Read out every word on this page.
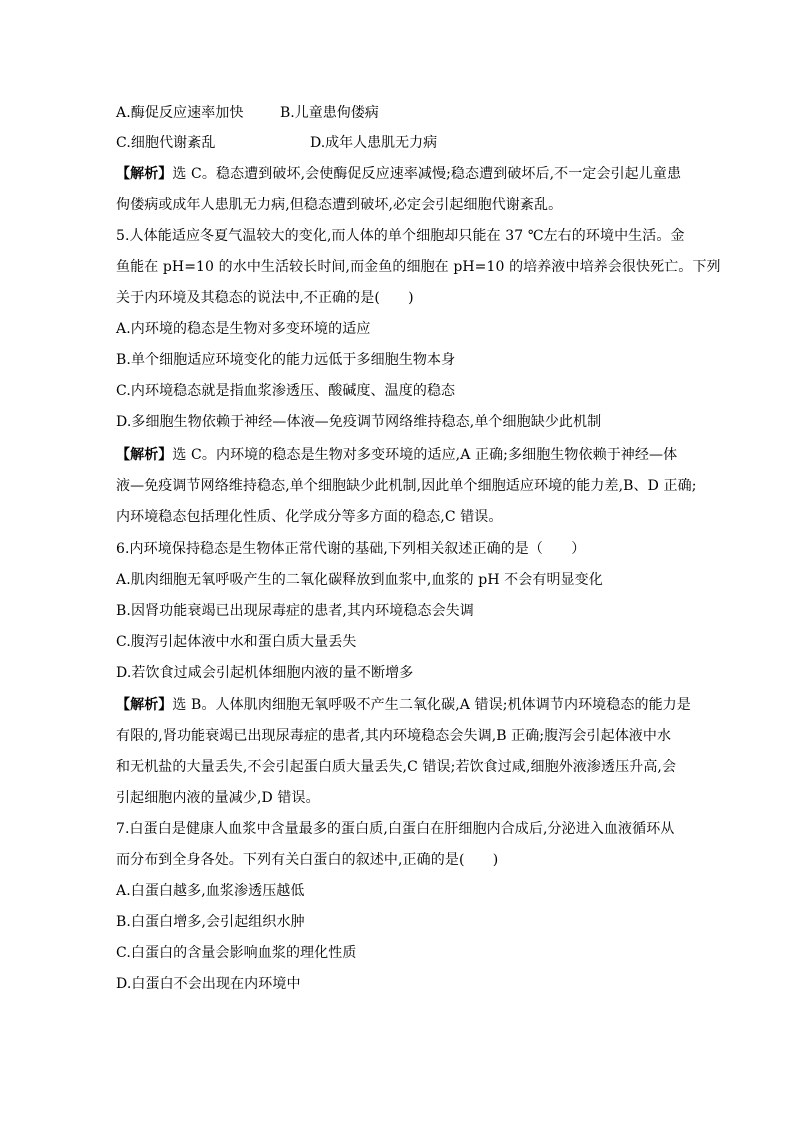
A.酶促反应速率加快	B.儿童患佝偻病
C.细胞代谢紊乱	D.成年人患肌无力病
【解析】选 C。稳态遭到破坏,会使酶促反应速率减慢;稳态遭到破坏后,不一定会引起儿童患
佝偻病或成年人患肌无力病,但稳态遭到破坏,必定会引起细胞代谢紊乱。
5.人体能适应冬夏气温较大的变化,而人体的单个细胞却只能在 37 ℃左右的环境中生活。金
鱼能在 pH=10 的水中生活较长时间,而金鱼的细胞在 pH=10 的培养液中培养会很快死亡。下列
关于内环境及其稳态的说法中,不正确的是(　　)
A.内环境的稳态是生物对多变环境的适应
B.单个细胞适应环境变化的能力远低于多细胞生物本身
C.内环境稳态就是指血浆渗透压、酸碱度、温度的稳态
D.多细胞生物依赖于神经—体液—免疫调节网络维持稳态,单个细胞缺少此机制
【解析】选 C。内环境的稳态是生物对多变环境的适应,A 正确;多细胞生物依赖于神经—体
液—免疫调节网络维持稳态,单个细胞缺少此机制,因此单个细胞适应环境的能力差,B、D 正确;
内环境稳态包括理化性质、化学成分等多方面的稳态,C 错误。
6.内环境保持稳态是生物体正常代谢的基础,下列相关叙述正确的是（　　）
A.肌肉细胞无氧呼吸产生的二氧化碳释放到血浆中,血浆的 pH 不会有明显变化
B.因肾功能衰竭已出现尿毒症的患者,其内环境稳态会失调
C.腹泻引起体液中水和蛋白质大量丢失
D.若饮食过咸会引起机体细胞内液的量不断增多
【解析】选 B。人体肌肉细胞无氧呼吸不产生二氧化碳,A 错误;机体调节内环境稳态的能力是
有限的,肾功能衰竭已出现尿毒症的患者,其内环境稳态会失调,B 正确;腹泻会引起体液中水
和无机盐的大量丢失,不会引起蛋白质大量丢失,C 错误;若饮食过咸,细胞外液渗透压升高,会
引起细胞内液的量减少,D 错误。
7.白蛋白是健康人血浆中含量最多的蛋白质,白蛋白在肝细胞内合成后,分泌进入血液循环从
而分布到全身各处。下列有关白蛋白的叙述中,正确的是(　　)
A.白蛋白越多,血浆渗透压越低
B.白蛋白增多,会引起组织水肿
C.白蛋白的含量会影响血浆的理化性质
D.白蛋白不会出现在内环境中
